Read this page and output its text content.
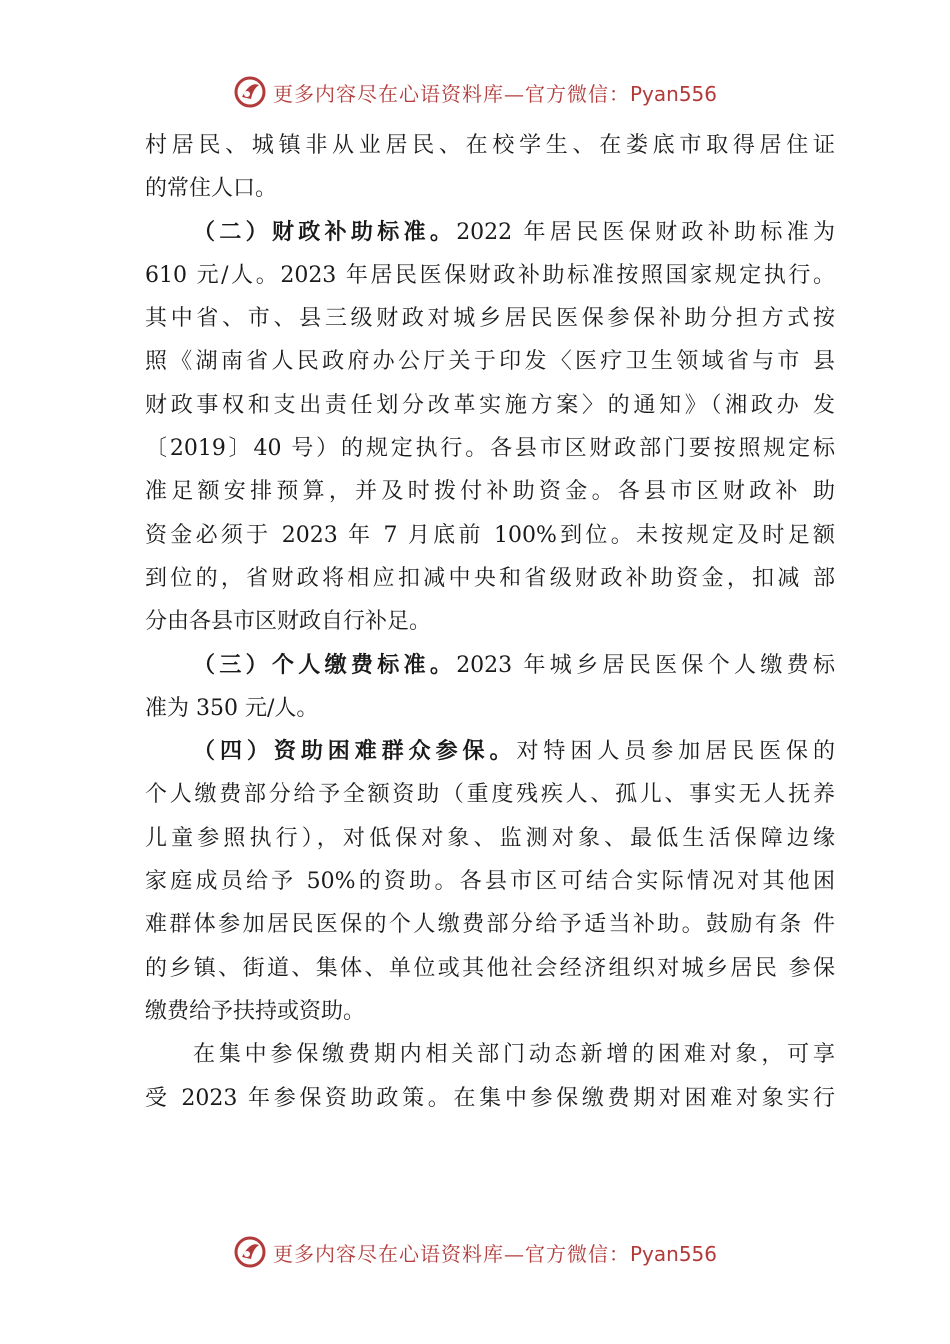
更多内容尽在心语资料库—官方微信：Pyan556
村居民、城镇非从业居民、在校学生、在娄底市取得居住证
的常住人口。
（二）财政补助标准。2022 年居民医保财政补助标准为
610 元/人。2023 年居民医保财政补助标准按照国家规定执行。
其中省、市、县三级财政对城乡居民医保参保补助分担方式按
照《湖南省人民政府办公厅关于印发〈医疗卫生领域省与市 县
财政事权和支出责任划分改革实施方案〉的通知》（湘政办 发
〔2019〕40 号）的规定执行。各县市区财政部门要按照规定标
准足额安排预算，并及时拨付补助资金。各县市区财政补 助
资金必须于 2023 年 7 月底前 100%到位。未按规定及时足额
到位的，省财政将相应扣减中央和省级财政补助资金，扣减 部
分由各县市区财政自行补足。
（三）个人缴费标准。2023 年城乡居民医保个人缴费标
准为 350 元/人。
（四）资助困难群众参保。对特困人员参加居民医保的
个人缴费部分给予全额资助（重度残疾人、孤儿、事实无人抚养
儿童参照执行），对低保对象、监测对象、最低生活保障边缘
家庭成员给予 50%的资助。各县市区可结合实际情况对其他困
难群体参加居民医保的个人缴费部分给予适当补助。鼓励有条 件
的乡镇、街道、集体、单位或其他社会经济组织对城乡居民 参保
缴费给予扶持或资助。
在集中参保缴费期内相关部门动态新增的困难对象，可享
受 2023 年参保资助政策。在集中参保缴费期对困难对象实行
更多内容尽在心语资料库—官方微信：Pyan556
